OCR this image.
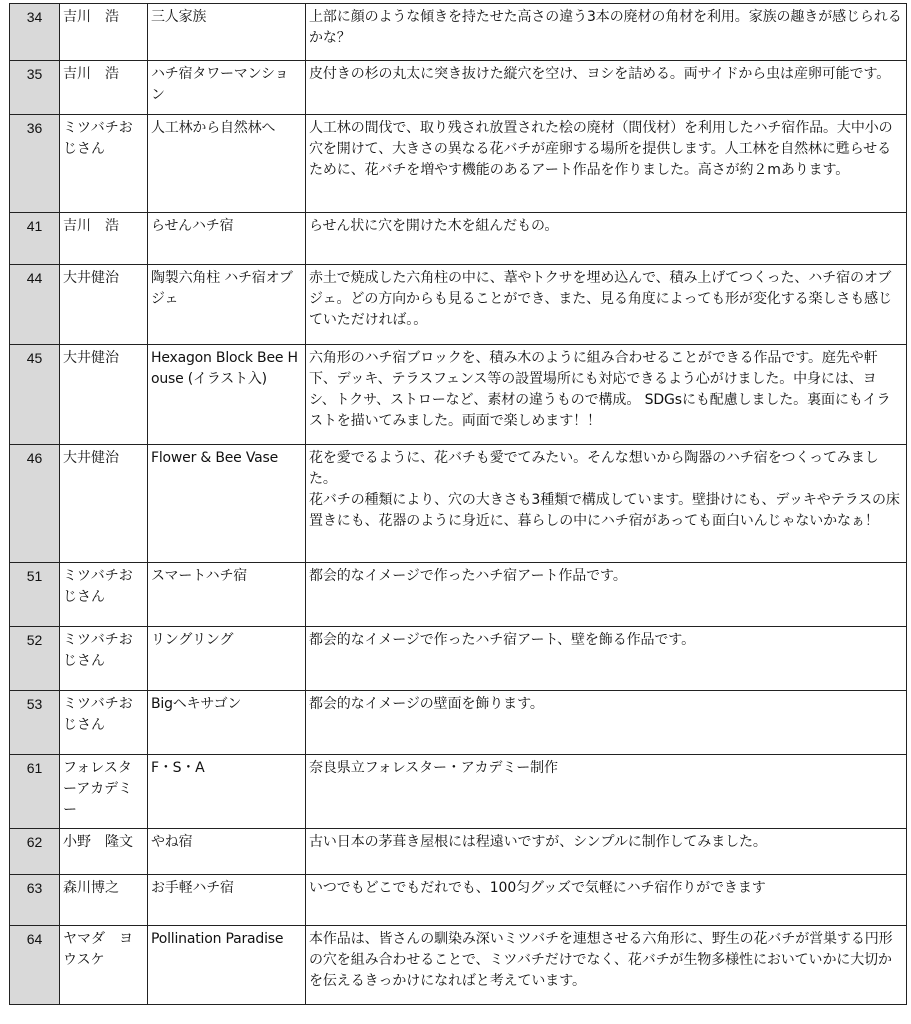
34	吉川　浩	三人家族	上部に顔のような傾きを持たせた高さの違う3本の廃材の角材を利用。家族の趣きが感じられるかな？

35	吉川　浩	ハチ宿タワーマンション	皮付きの杉の丸太に突き抜けた縦穴を空け、ヨシを詰める。両サイドから虫は産卵可能です。

36	ミツバチおじさん	人工林から自然林へ	人工林の間伐で、取り残され放置された桧の廃材（間伐材）を利用したハチ宿作品。大中小の穴を開けて、大きさの異なる花バチが産卵する場所を提供します。人工林を自然林に甦らせるために、花バチを増やす機能のあるアート作品を作りました。高さが約２mあります。

41	吉川　浩	らせんハチ宿	らせん状に穴を開けた木を組んだもの。

44	大井健治	陶製六角柱 ハチ宿オブジェ	赤土で焼成した六角柱の中に、葦やトクサを埋め込んで、積み上げてつくった、ハチ宿のオブジェ。どの方向からも見ることができ、また、見る角度によっても形が変化する楽しさも感じていただければ。。

45	大井健治	Hexagon Block Bee House (イラスト入)	六角形のハチ宿ブロックを、積み木のように組み合わせることができる作品です。庭先や軒下、デッキ、テラスフェンス等の設置場所にも対応できるよう心がけました。中身には、ヨシ、トクサ、ストローなど、素材の違うもので構成。 SDGsにも配慮しました。裏面にもイラストを描いてみました。両面で楽しめます！！

46	大井健治	Flower & Bee Vase	花を愛でるように、花バチも愛でてみたい。そんな想いから陶器のハチ宿をつくってみました。
花バチの種類により、穴の大きさも3種類で構成しています。壁掛けにも、デッキやテラスの床置きにも、花器のように身近に、暮らしの中にハチ宿があっても面白いんじゃないかなぁ！

51	ミツバチおじさん	スマートハチ宿	都会的なイメージで作ったハチ宿アート作品です。

52	ミツバチおじさん	リングリング	都会的なイメージで作ったハチ宿アート、壁を飾る作品です。

53	ミツバチおじさん	Bigヘキサゴン	都会的なイメージの壁面を飾ります。

61	フォレスターアカデミー	F・S・A	奈良県立フォレスター・アカデミー制作

62	小野　隆文	やね宿	古い日本の茅葺き屋根には程遠いですが、シンプルに制作してみました。

63	森川博之	お手軽ハチ宿	いつでもどこでもだれでも、100匀グッズで気軽にハチ宿作りができます

64	ヤマダ　ヨウスケ	Pollination Paradise	本作品は、皆さんの馴染み深いミツバチを連想させる六角形に、野生の花バチが営巣する円形の穴を組み合わせることで、ミツバチだけでなく、花バチが生物多様性においていかに大切かを伝えるきっかけになればと考えています。
